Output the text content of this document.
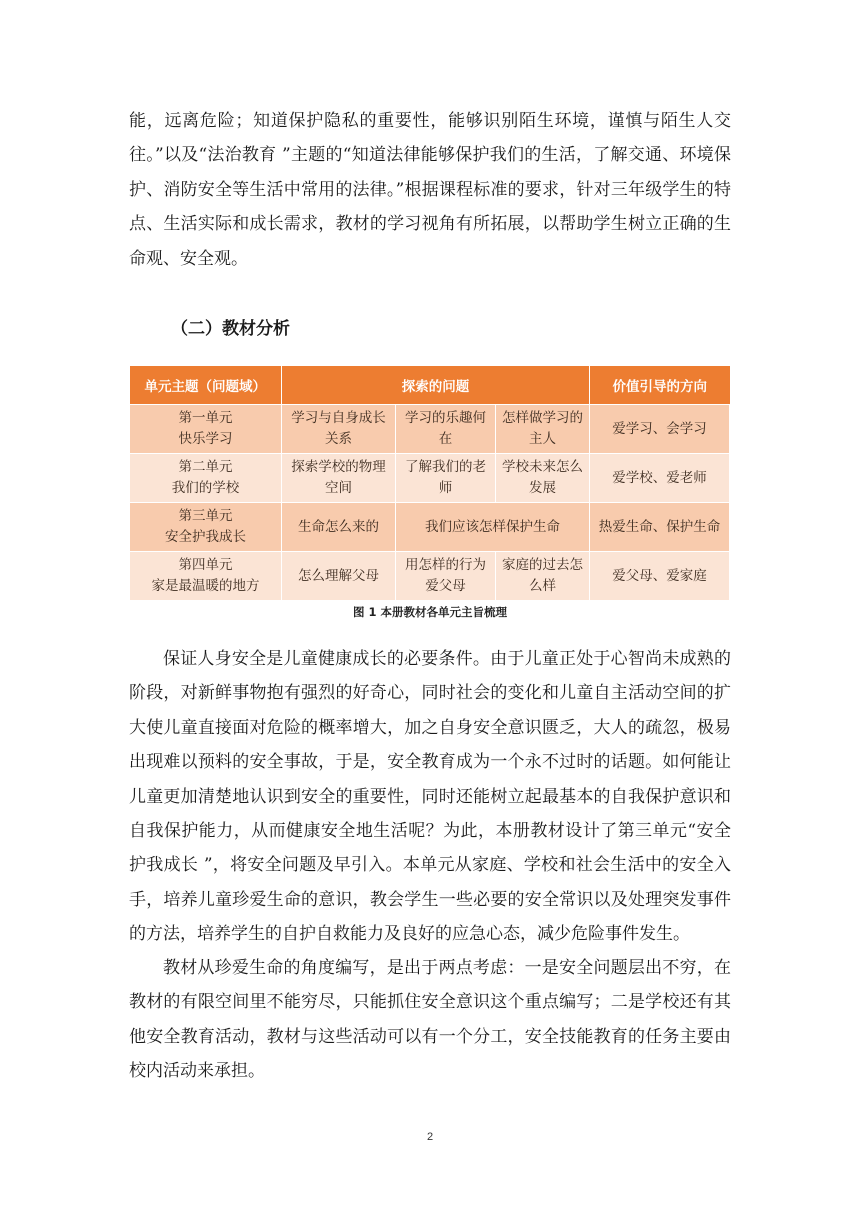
能，远离危险；知道保护隐私的重要性，能够识别陌生环境，谨慎与陌生人交往。”以及“法治教育 ”主题的“知道法律能够保护我们的生活，了解交通、环境保护、消防安全等生活中常用的法律。”根据课程标准的要求，针对三年级学生的特点、生活实际和成长需求，教材的学习视角有所拓展，以帮助学生树立正确的生命观、安全观。

（二）教材分析
单元主题（问题域）	探索的问题			价值引导的方向

第一单元
快乐学习	学习与自身成长关系	学习的乐趣何在	怎样做学习的主人	爱学习、会学习

第二单元
我们的学校	探索学校的物理空间	了解我们的老师	学校未来怎么发展	爱学校、爱老师

第三单元
安全护我成长	生命怎么来的	我们应该怎样保护生命		热爱生命、保护生命

第四单元
家是最温暖的地方	怎么理解父母	用怎样的行为爱父母	家庭的过去怎么样	爱父母、爱家庭
图 1 本册教材各单元主旨梳理

保证人身安全是儿童健康成长的必要条件。由于儿童正处于心智尚未成熟的阶段，对新鲜事物抱有强烈的好奇心，同时社会的变化和儿童自主活动空间的扩大使儿童直接面对危险的概率增大，加之自身安全意识匮乏，大人的疏忽，极易出现难以预料的安全事故，于是，安全教育成为一个永不过时的话题。如何能让儿童更加清楚地认识到安全的重要性，同时还能树立起最基本的自我保护意识和自我保护能力，从而健康安全地生活呢？为此，本册教材设计了第三单元“安全护我成长 ”，将安全问题及早引入。本单元从家庭、学校和社会生活中的安全入手，培养儿童珍爱生命的意识，教会学生一些必要的安全常识以及处理突发事件的方法，培养学生的自护自救能力及良好的应急心态，减少危险事件发生。

教材从珍爱生命的角度编写，是出于两点考虑：一是安全问题层出不穷，在教材的有限空间里不能穷尽，只能抓住安全意识这个重点编写；二是学校还有其他安全教育活动，教材与这些活动可以有一个分工，安全技能教育的任务主要由校内活动来承担。

2
